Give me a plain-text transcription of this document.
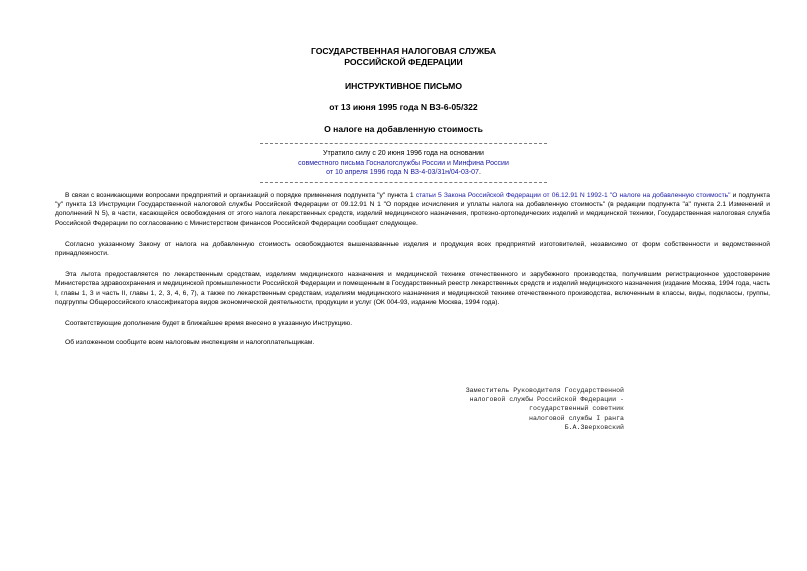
ГОСУДАРСТВЕННАЯ НАЛОГОВАЯ СЛУЖБА
РОССИЙСКОЙ ФЕДЕРАЦИИ
ИНСТРУКТИВНОЕ ПИСЬМО
от 13 июня 1995 года N ВЗ-6-05/322
О налоге на добавленную стоимость
Утратило силу с 20 июня 1996 года на основании
совместного письма Госналогслужбы России и Минфина России
от 10 апреля 1996 года N ВЗ-4-03/31н/04-03-07.

В связи с возникающими вопросами предприятий и организаций о порядке применения подпункта "у" пункта 1 статьи 5 Закона Российской Федерации от 06.12.91 N 1992-1 "О налоге на добавленную стоимость" и подпункта "у" пункта 13 Инструкции Государственной налоговой службы Российской Федерации от 09.12.91 N 1 "О порядке исчисления и уплаты налога на добавленную стоимость" (в редакции подпункта "а" пункта 2.1 Изменений и дополнений N 5), в части, касающейся освобождения от этого налога лекарственных средств, изделий медицинского назначения, протезно-ортопедических изделий и медицинской техники, Государственная налоговая служба Российской Федерации по согласованию с Министерством финансов Российской Федерации сообщает следующее.

Согласно указанному Закону от налога на добавленную стоимость освобождаются вышеназванные изделия и продукция всех предприятий изготовителей, независимо от форм собственности и ведомственной принадлежности.

Эта льгота предоставляется по лекарственным средствам, изделиям медицинского назначения и медицинской технике отечественного и зарубежного производства, получившим регистрационное удостоверение Министерства здравоохранения и медицинской промышленности Российской Федерации и помещенным в Государственный реестр лекарственных средств и изделий медицинского назначения (издание Москва, 1994 года, часть I, главы 1, 3 и часть II, главы 1, 2, 3, 4, 6, 7), а также по лекарственным средствам, изделиям медицинского назначения и медицинской технике отечественного производства, включенным в классы, виды, подклассы, группы, подгруппы Общероссийского классификатора видов экономической деятельности, продукции и услуг (ОК 004-93, издание Москва, 1994 года).

Соответствующие дополнение будет в ближайшее время внесено в указанную Инструкцию.

Об изложенном сообщите всем налоговым инспекциям и налогоплательщикам.

Заместитель Руководителя Государственной
налоговой службы Российской Федерации -
государственный советник
налоговой службы I ранга
Б.А.Зверховский
